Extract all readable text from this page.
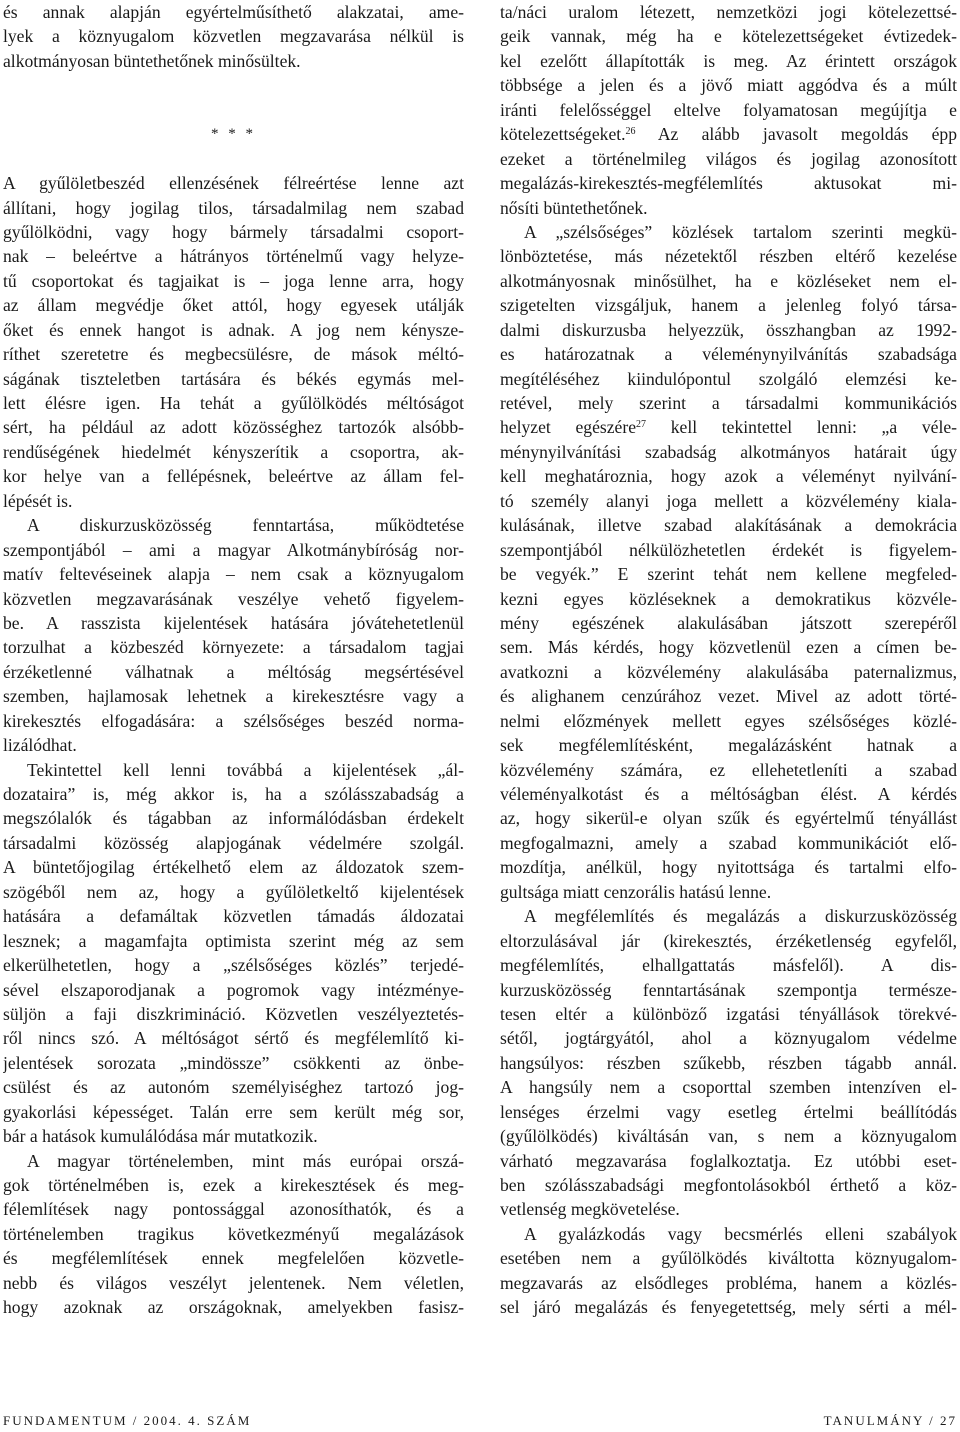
és annak alapján egyértelműsíthető alakzatai, ame-
lyek a köznyugalom közvetlen megzavarása nélkül is
alkotmányosan büntethetőnek minősültek.
* * *
A gyűlöletbeszéd ellenzésének félreértése lenne azt
állítani, hogy jogilag tilos, társadalmilag nem szabad
gyűlölködni, vagy hogy bármely társadalmi csoport-
nak – beleértve a hátrányos történelmű vagy helyze-
tű csoportokat és tagjaikat is – joga lenne arra, hogy
az állam megvédje őket attól, hogy egyesek utálják
őket és ennek hangot is adnak. A jog nem kénysze-
ríthet szeretetre és megbecsülésre, de mások méltó-
ságának tiszteletben tartására és békés egymás mel-
lett élésre igen. Ha tehát a gyűlölködés méltóságot
sért, ha például az adott közösséghez tartozók alsóbb-
rendűségének hiedelmét kényszerítik a csoportra, ak-
kor helye van a fellépésnek, beleértve az állam fel-
lépését is.
A diskurzusközösség fenntartása, működtetése
szempontjából – ami a magyar Alkotmánybíróság nor-
matív feltevéseinek alapja – nem csak a köznyugalom
közvetlen megzavarásának veszélye vehető figyelem-
be. A rasszista kijelentések hatására jóvátehetetlenül
torzulhat a közbeszéd környezete: a társadalom tagjai
érzéketlenné válhatnak a méltóság megsértésével
szemben, hajlamosak lehetnek a kirekesztésre vagy a
kirekesztés elfogadására: a szélsőséges beszéd norma-
lizálódhat.
Tekintettel kell lenni továbbá a kijelentések „ál-
dozataira” is, még akkor is, ha a szólásszabadság a
megszólalók és tágabban az informálódásban érdekelt
társadalmi közösség alapjogának védelmére szolgál.
A büntetőjogilag értékelhető elem az áldozatok szem-
szögéből nem az, hogy a gyűlöletkeltő kijelentések
hatására a defamáltak közvetlen támadás áldozatai
lesznek; a magamfajta optimista szerint még az sem
elkerülhetetlen, hogy a „szélsőséges közlés” terjedé-
sével elszaporodjanak a pogromok vagy intézménye-
süljön a faji diszkrimináció. Közvetlen veszélyeztetés-
ről nincs szó. A méltóságot sértő és megfélemlítő ki-
jelentések sorozata „mindössze” csökkenti az önbe-
csülést és az autonóm személyiséghez tartozó jog-
gyakorlási képességet. Talán erre sem került még sor,
bár a hatások kumulálódása már mutatkozik.
A magyar történelemben, mint más európai orszá-
gok történelmében is, ezek a kirekesztések és meg-
félemlítések nagy pontossággal azonosíthatók, és a
történelemben tragikus következményű megalázások
és megfélemlítések ennek megfelelően közvetle-
nebb és világos veszélyt jelentenek. Nem véletlen,
hogy azoknak az országoknak, amelyekben fasisz-
ta/náci uralom létezett, nemzetközi jogi kötelezettsé-
geik vannak, még ha e kötelezettségeket évtizedek-
kel ezelőtt állapították is meg. Az érintett országok
többsége a jelen és a jövő miatt aggódva és a múlt
iránti felelősséggel eltelve folyamatosan megújítja e
kötelezettségeket.$^{26}$ Az alább javasolt megoldás épp
ezeket a történelmileg világos és jogilag azonosított
megalázás-kirekesztés-megfélemlítés aktusokat mi-
nősíti büntethetőnek.
A „szélsőséges” közlések tartalom szerinti megkü-
lönböztetése, más nézetektől részben eltérő kezelése
alkotmányosnak minősülhet, ha e közléseket nem el-
szigetelten vizsgáljuk, hanem a jelenleg folyó társa-
dalmi diskurzusba helyezzük, összhangban az 1992-
es határozatnak a véleménynyilvánítás szabadsága
megítéléséhez kiindulópontul szolgáló elemzési ke-
retével, mely szerint a társadalmi kommunikációs
helyzet egészére$^{27}$ kell tekintettel lenni: „a véle-
ménynyilvánítási szabadság alkotmányos határait úgy
kell meghatároznia, hogy azok a véleményt nyilvání-
tó személy alanyi joga mellett a közvélemény kiala-
kulásának, illetve szabad alakításának a demokrácia
szempontjából nélkülözhetetlen érdekét is figyelem-
be vegyék.” E szerint tehát nem kellene megfeled-
kezni egyes közléseknek a demokratikus közvéle-
mény egészének alakulásában játszott szerepéről
sem. Más kérdés, hogy közvetlenül ezen a címen be-
avatkozni a közvélemény alakulásába paternalizmus,
és alighanem cenzúrához vezet. Mivel az adott törté-
nelmi előzmények mellett egyes szélsőséges közlé-
sek megfélemlítésként, megalázásként hatnak a
közvélemény számára, ez ellehetetleníti a szabad
véleményalkotást és a méltóságban élést. A kérdés
az, hogy sikerül-e olyan szűk és egyértelmű tényállást
megfogalmazni, amely a szabad kommunikációt elő-
mozdítja, anélkül, hogy nyitottsága és tartalmi elfo-
gultsága miatt cenzorális hatású lenne.
A megfélemlítés és megalázás a diskurzusközösség
eltorzulásával jár (kirekesztés, érzéketlenség egyfelől,
megfélemlítés, elhallgattatás másfelől). A dis-
kurzusközösség fenntartásának szempontja természe-
tesen eltér a különböző izgatási tényállások törekvé-
sétől, jogtárgyától, ahol a köznyugalom védelme
hangsúlyos: részben szűkebb, részben tágabb annál.
A hangsúly nem a csoporttal szemben intenzíven el-
lenséges érzelmi vagy esetleg értelmi beállítódás
(gyűlölködés) kiváltásán van, s nem a köznyugalom
várható megzavarása foglalkoztatja. Ez utóbbi eset-
ben szólásszabadsági megfontolásokból érthető a köz-
vetlenség megkövetelése.
A gyalázkodás vagy becsmérlés elleni szabályok
esetében nem a gyűlölködés kiváltotta köznyugalom-
megzavarás az elsődleges probléma, hanem a közlés-
sel járó megalázás és fenyegetettség, mely sérti a mél-
FUNDAMENTUM / 2004. 4. SZÁM	TANULMÁNY / 27
